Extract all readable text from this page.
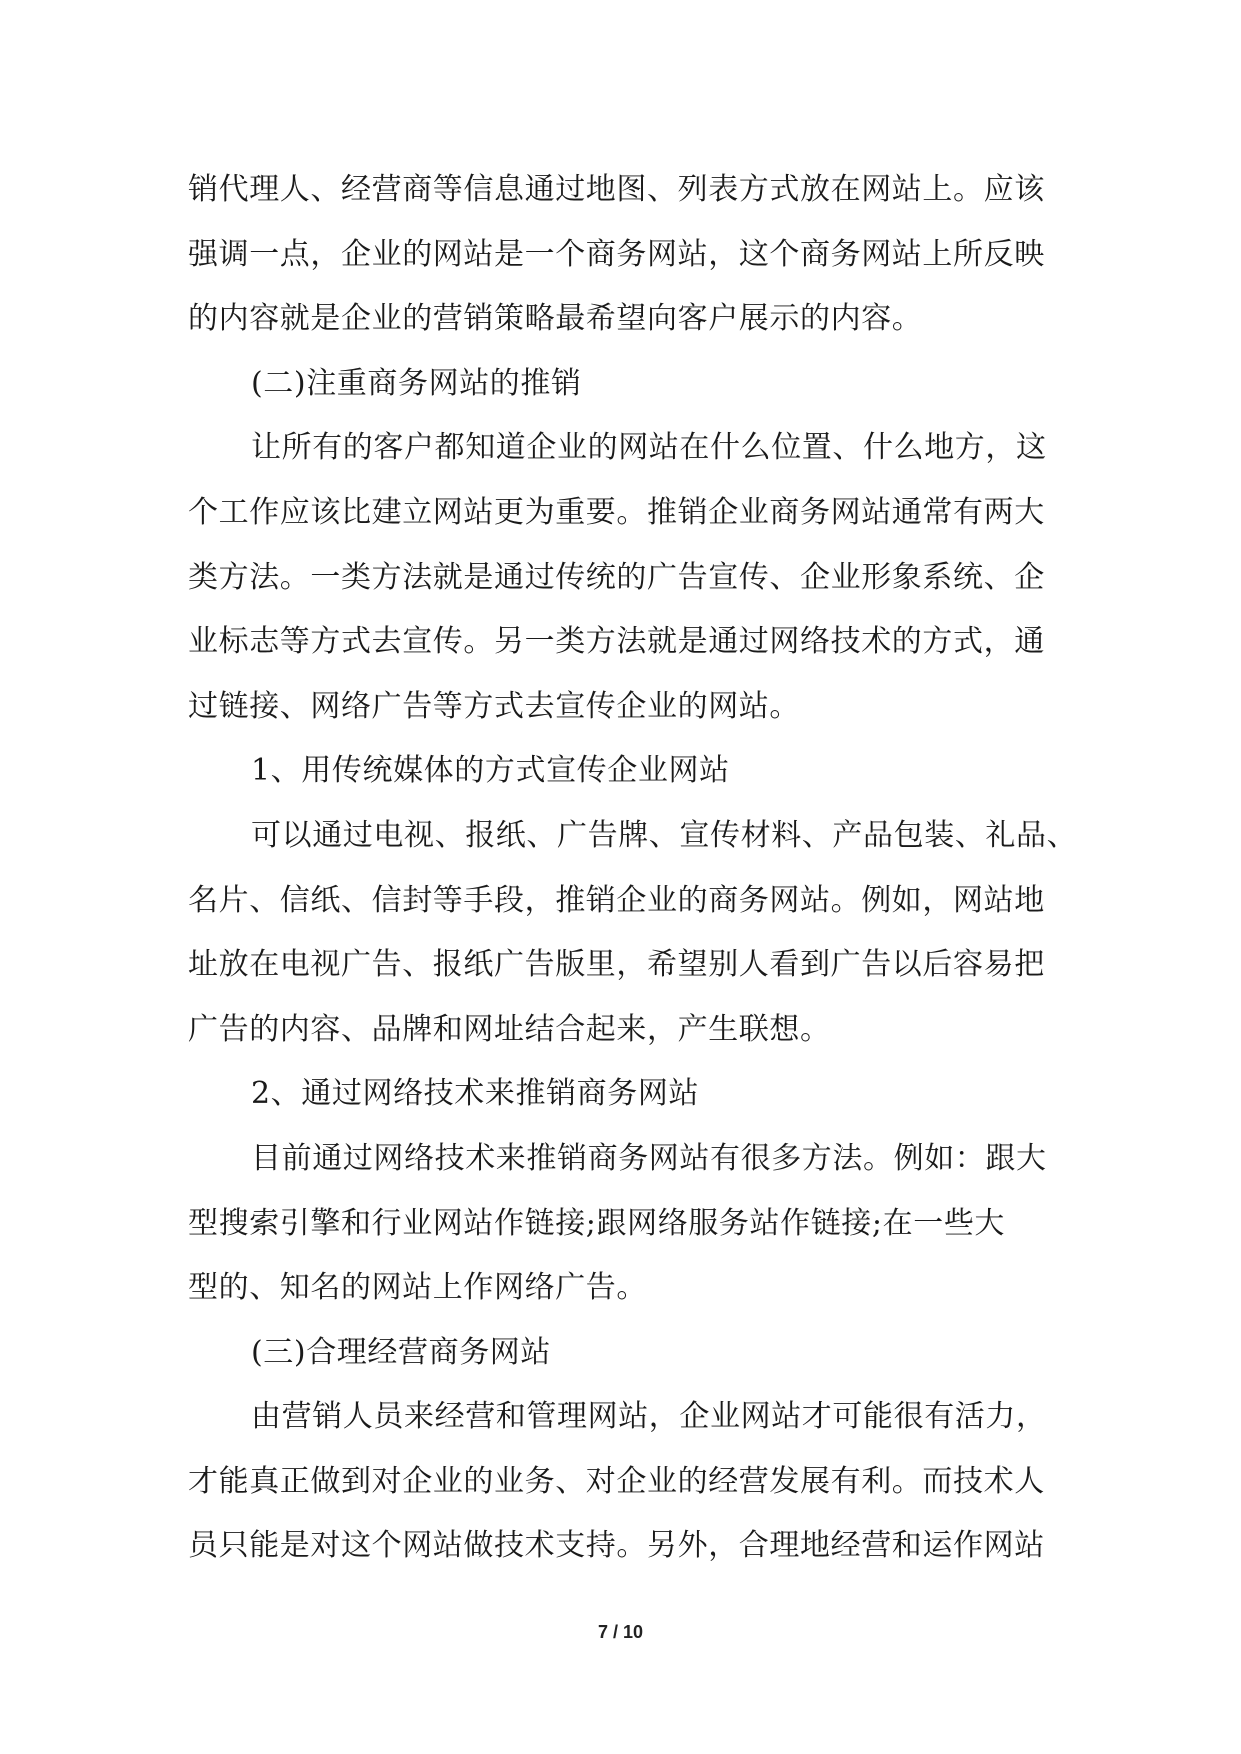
销代理人、经营商等信息通过地图、列表方式放在网站上。应该
强调一点，企业的网站是一个商务网站，这个商务网站上所反映
的内容就是企业的营销策略最希望向客户展示的内容。
(二)注重商务网站的推销
让所有的客户都知道企业的网站在什么位置、什么地方，这
个工作应该比建立网站更为重要。推销企业商务网站通常有两大
类方法。一类方法就是通过传统的广告宣传、企业形象系统、企
业标志等方式去宣传。另一类方法就是通过网络技术的方式，通
过链接、网络广告等方式去宣传企业的网站。
1、用传统媒体的方式宣传企业网站
可以通过电视、报纸、广告牌、宣传材料、产品包装、礼品、
名片、信纸、信封等手段，推销企业的商务网站。例如，网站地
址放在电视广告、报纸广告版里，希望别人看到广告以后容易把
广告的内容、品牌和网址结合起来，产生联想。
2、通过网络技术来推销商务网站
目前通过网络技术来推销商务网站有很多方法。例如：跟大
型搜索引擎和行业网站作链接;跟网络服务站作链接;在一些大
型的、知名的网站上作网络广告。
(三)合理经营商务网站
由营销人员来经营和管理网站，企业网站才可能很有活力，
才能真正做到对企业的业务、对企业的经营发展有利。而技术人
员只能是对这个网站做技术支持。另外，合理地经营和运作网站
7 / 10
